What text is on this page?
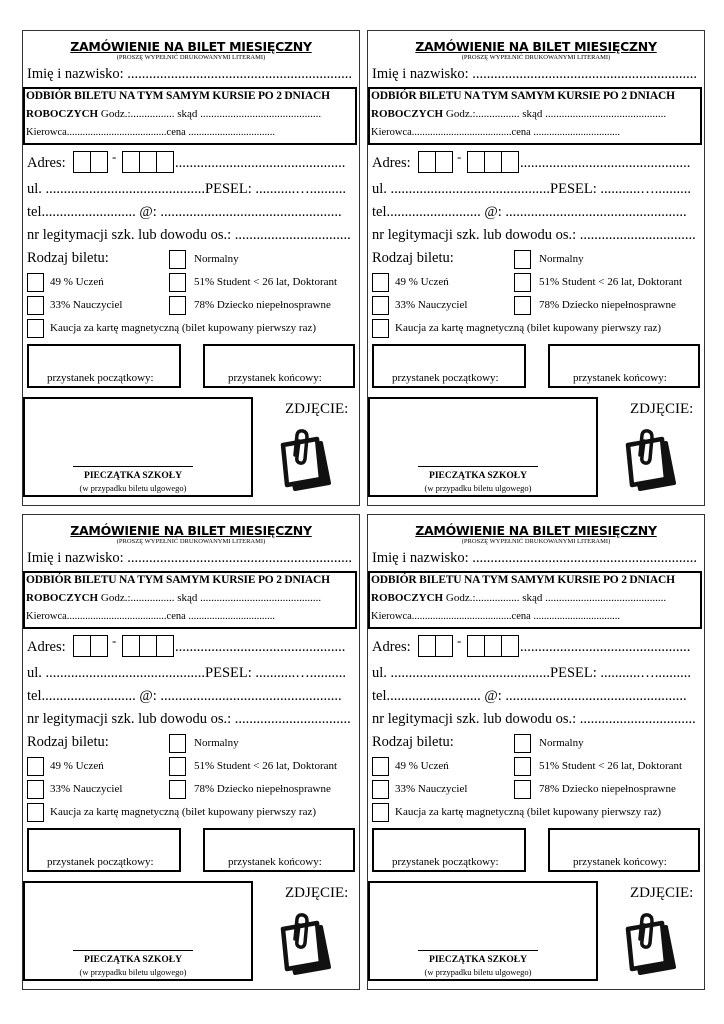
ZAMÓWIENIE NA BILET MIESIĘCZNY
(PROSZĘ WYPEŁNIĆ DRUKOWANYMI LITERAMI)
Imię i nazwisko: ..............................................................
ODBIÓR BILETU NA TYM SAMYM KURSIE PO 2 DNIACH
ROBOCZYCH Godz.:................ skąd ............................................
Kierowca......................................cena .................................
Adres:	-	...............................................
ul. ............................................PESEL: ...........…..........
tel.......................... @: ..................................................
nr legitymacji szk. lub dowodu os.: ................................
Rodzaj biletu:	Normalny
49 % Uczeń	51% Student < 26 lat, Doktorant
33% Nauczyciel	78% Dziecko niepełnosprawne
Kaucja za kartę magnetyczną (bilet kupowany pierwszy raz)
przystanek początkowy:	przystanek końcowy:
PIECZĄTKA SZKOŁY
(w przypadku biletu ulgowego)
ZDJĘCIE:
ZAMÓWIENIE NA BILET MIESIĘCZNY
(PROSZĘ WYPEŁNIĆ DRUKOWANYMI LITERAMI)
Imię i nazwisko: ..............................................................
ODBIÓR BILETU NA TYM SAMYM KURSIE PO 2 DNIACH
ROBOCZYCH Godz.:................ skąd ............................................
Kierowca......................................cena .................................
Adres:	-	...............................................
ul. ............................................PESEL: ...........…..........
tel.......................... @: ..................................................
nr legitymacji szk. lub dowodu os.: ................................
Rodzaj biletu:	Normalny
49 % Uczeń	51% Student < 26 lat, Doktorant
33% Nauczyciel	78% Dziecko niepełnosprawne
Kaucja za kartę magnetyczną (bilet kupowany pierwszy raz)
przystanek początkowy:	przystanek końcowy:
PIECZĄTKA SZKOŁY
(w przypadku biletu ulgowego)
ZDJĘCIE:
ZAMÓWIENIE NA BILET MIESIĘCZNY
(PROSZĘ WYPEŁNIĆ DRUKOWANYMI LITERAMI)
Imię i nazwisko: ..............................................................
ODBIÓR BILETU NA TYM SAMYM KURSIE PO 2 DNIACH
ROBOCZYCH Godz.:................ skąd ............................................
Kierowca......................................cena .................................
Adres:	-	...............................................
ul. ............................................PESEL: ...........…..........
tel.......................... @: ..................................................
nr legitymacji szk. lub dowodu os.: ................................
Rodzaj biletu:	Normalny
49 % Uczeń	51% Student < 26 lat, Doktorant
33% Nauczyciel	78% Dziecko niepełnosprawne
Kaucja za kartę magnetyczną (bilet kupowany pierwszy raz)
przystanek początkowy:	przystanek końcowy:
PIECZĄTKA SZKOŁY
(w przypadku biletu ulgowego)
ZDJĘCIE:
ZAMÓWIENIE NA BILET MIESIĘCZNY
(PROSZĘ WYPEŁNIĆ DRUKOWANYMI LITERAMI)
Imię i nazwisko: ..............................................................
ODBIÓR BILETU NA TYM SAMYM KURSIE PO 2 DNIACH
ROBOCZYCH Godz.:................ skąd ............................................
Kierowca......................................cena .................................
Adres:	-	...............................................
ul. ............................................PESEL: ...........…..........
tel.......................... @: ..................................................
nr legitymacji szk. lub dowodu os.: ................................
Rodzaj biletu:	Normalny
49 % Uczeń	51% Student < 26 lat, Doktorant
33% Nauczyciel	78% Dziecko niepełnosprawne
Kaucja za kartę magnetyczną (bilet kupowany pierwszy raz)
przystanek początkowy:	przystanek końcowy:
PIECZĄTKA SZKOŁY
(w przypadku biletu ulgowego)
ZDJĘCIE:
